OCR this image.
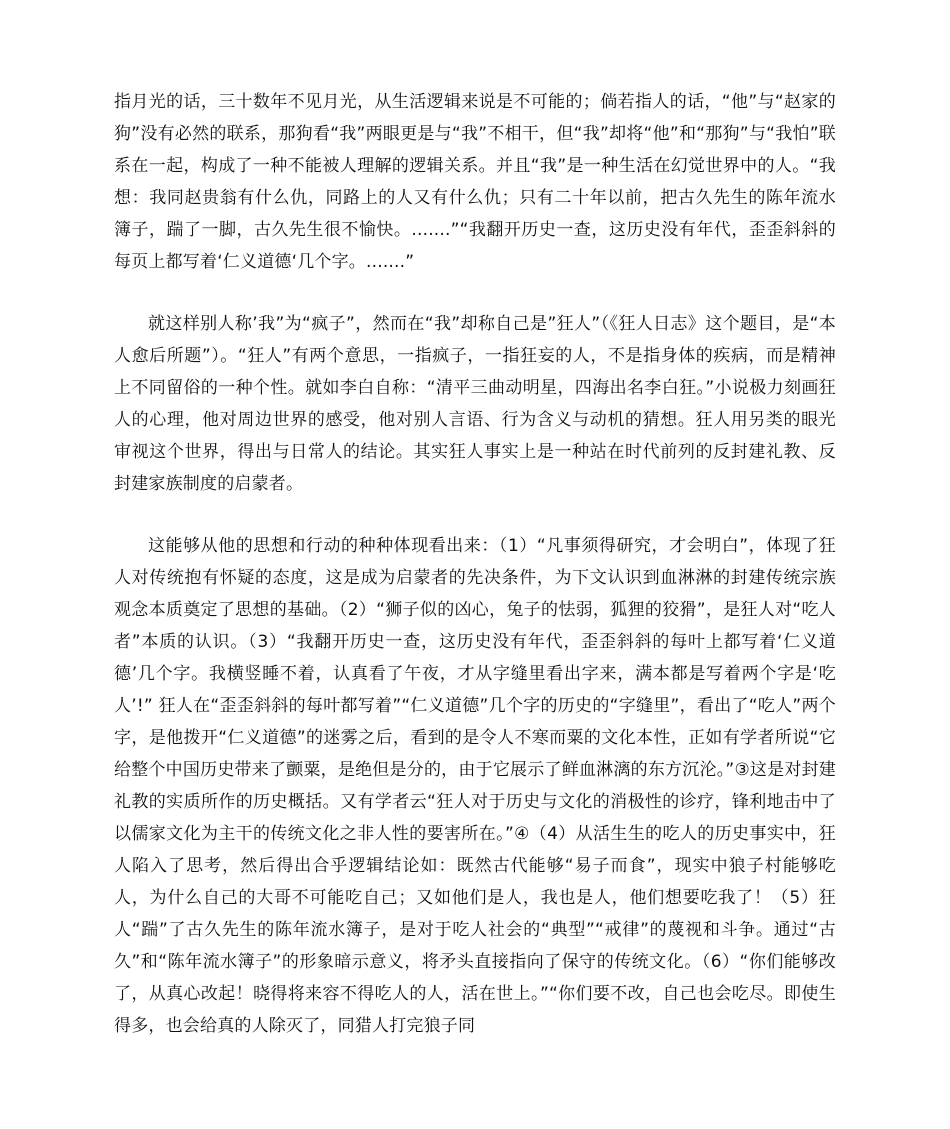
指月光的话，三十数年不见月光，从生活逻辑来说是不可能的；倘若指人的话，“他”与“赵家的狗”没有必然的联系，那狗看“我”两眼更是与“我”不相干，但“我”却将“他”和“那狗”与“我怕”联系在一起，构成了一种不能被人理解的逻辑关系。并且“我”是一种生活在幻觉世界中的人。“我想：我同赵贵翁有什么仇，同路上的人又有什么仇；只有二十年以前，把古久先生的陈年流水簿子，踹了一脚，古久先生很不愉快。.......”“我翻开历史一查，这历史没有年代，歪歪斜斜的每页上都写着‘仁义道德‘几个字。.......”

就这样别人称’我”为“疯子”，然而在“我”却称自己是”狂人”（《狂人日志》这个题目，是“本人愈后所题”）。“狂人”有两个意思，一指疯子，一指狂妄的人，不是指身体的疾病，而是精神上不同留俗的一种个性。就如李白自称：“清平三曲动明星，四海出名李白狂。”小说极力刻画狂人的心理，他对周边世界的感受，他对别人言语、行为含义与动机的猜想。狂人用另类的眼光审视这个世界，得出与日常人的结论。其实狂人事实上是一种站在时代前列的反封建礼教、反封建家族制度的启蒙者。

这能够从他的思想和行动的种种体现看出来：（1）“凡事须得研究，才会明白”，体现了狂人对传统抱有怀疑的态度，这是成为启蒙者的先决条件，为下文认识到血淋淋的封建传统宗族观念本质奠定了思想的基础。（2）“狮子似的凶心，兔子的怯弱，狐狸的狡猾”，是狂人对“吃人者”本质的认识。（3）“我翻开历史一查，这历史没有年代，歪歪斜斜的每叶上都写着‘仁义道德’几个字。我横竖睡不着，认真看了午夜，才从字缝里看出字来，满本都是写着两个字是‘吃人’!” 狂人在“歪歪斜斜的每叶都写着”“仁义道德”几个字的历史的“字缝里”，看出了“吃人”两个字，是他拨开“仁义道德”的迷雾之后，看到的是令人不寒而粟的文化本性，正如有学者所说“它给整个中国历史带来了颤粟，是绝但是分的，由于它展示了鲜血淋漓的东方沉沦。”③这是对封建礼教的实质所作的历史概括。又有学者云“狂人对于历史与文化的消极性的诊疗，锋利地击中了以儒家文化为主干的传统文化之非人性的要害所在。”④（4）从活生生的吃人的历史事实中，狂人陷入了思考，然后得出合乎逻辑结论如：既然古代能够“易子而食”，现实中狼子村能够吃人，为什么自己的大哥不可能吃自己；又如他们是人，我也是人，他们想要吃我了！（5）狂人“踹”了古久先生的陈年流水簿子，是对于吃人社会的“典型”“戒律”的蔑视和斗争。通过“古久”和“陈年流水簿子”的形象暗示意义，将矛头直接指向了保守的传统文化。（6）“你们能够改了，从真心改起！晓得将来容不得吃人的人，活在世上。”“你们要不改，自己也会吃尽。即使生得多，也会给真的人除灭了，同猎人打完狼子同
